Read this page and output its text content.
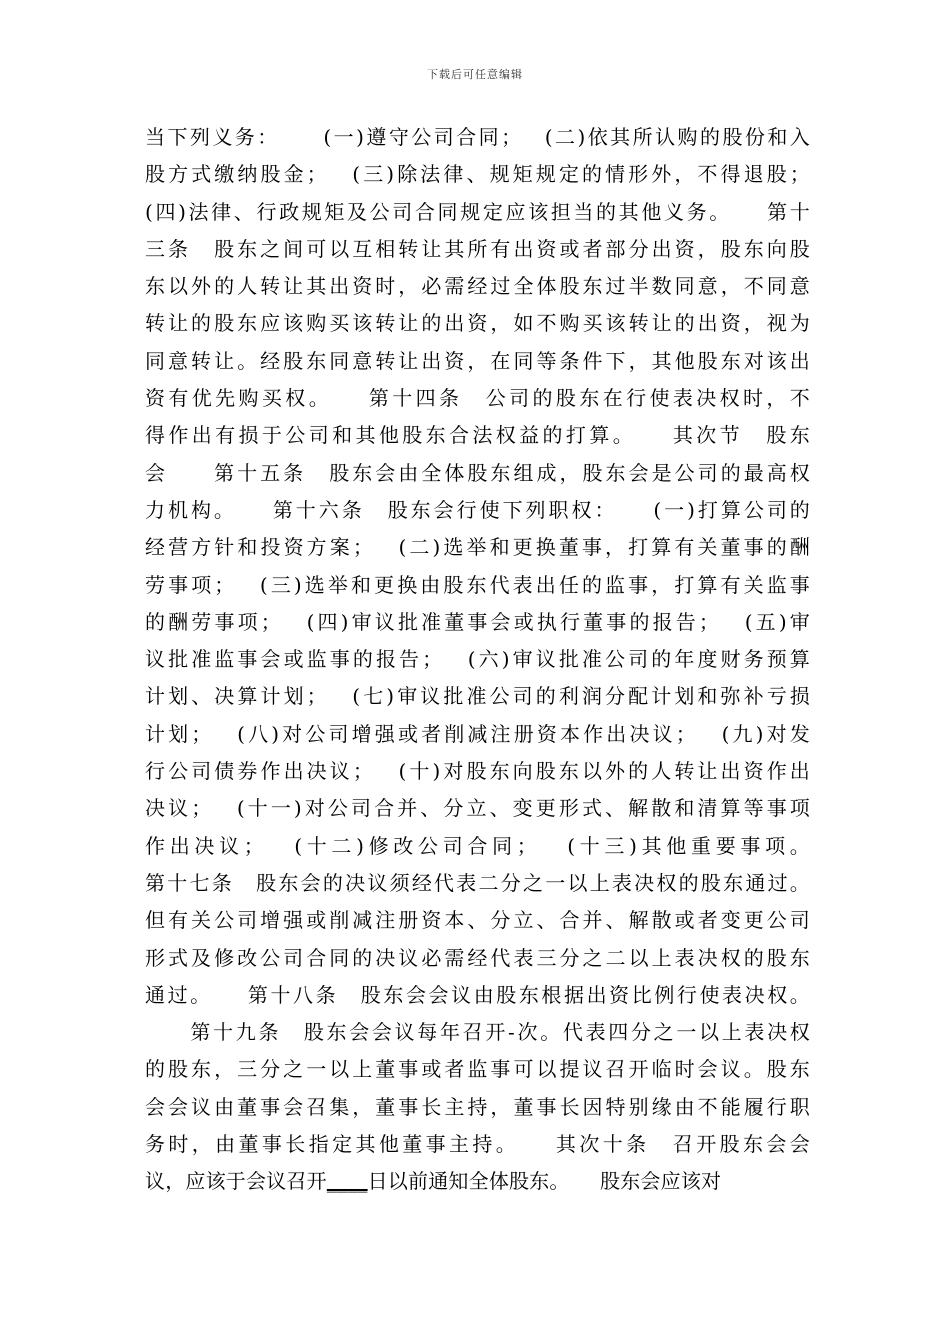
下载后可任意编辑
当下列义务：　　 (一)遵守公司合同；　 (二)依其所认购的股份和入
股方式缴纳股金；　 (三)除法律、规矩规定的情形外，不得退股；
(四)法律、行政规矩及公司合同规定应该担当的其他义务。　　第十
三条　股东之间可以互相转让其所有出资或者部分出资，股东向股
东以外的人转让其出资时，必需经过全体股东过半数同意，不同意
转让的股东应该购买该转让的出资，如不购买该转让的出资，视为
同意转让。经股东同意转让出资，在同等条件下，其他股东对该出
资有优先购买权。　　第十四条　公司的股东在行使表决权时，不
得作出有损于公司和其他股东合法权益的打算。　　其次节　股东
会　　第十五条　股东会由全体股东组成，股东会是公司的最高权
力机构。　　第十六条　股东会行使下列职权：　　(一)打算公司的
经营方针和投资方案；　 (二)选举和更换董事，打算有关董事的酬
劳事项；　 (三)选举和更换由股东代表出任的监事，打算有关监事
的酬劳事项；　 (四)审议批准董事会或执行董事的报告；　 (五)审
议批准监事会或监事的报告；　 (六)审议批准公司的年度财务预算
计划、决算计划；　 (七)审议批准公司的利润分配计划和弥补亏损
计划；　 (八)对公司增强或者削减注册资本作出决议；　 (九)对发
行公司债券作出决议；　 (十)对股东向股东以外的人转让出资作出
决议；　 (十一)对公司合并、分立、变更形式、解散和清算等事项
作出决议；　 (十二)修改公司合同；　 (十三)其他重要事项。
第十七条　股东会的决议须经代表二分之一以上表决权的股东通过。
但有关公司增强或削减注册资本、分立、合并、解散或者变更公司
形式及修改公司合同的决议必需经代表三分之二以上表决权的股东
通过。　　第十八条　股东会会议由股东根据出资比例行使表决权。
　　第十九条　股东会会议每年召开-次。代表四分之一以上表决权
的股东，三分之一以上董事或者监事可以提议召开临时会议。股东
会会议由董事会召集，董事长主持，董事长因特别缘由不能履行职
务时，由董事长指定其他董事主持。　　其次十条　召开股东会会
议，应该于会议召开____日以前通知全体股东。　　股东会应该对
